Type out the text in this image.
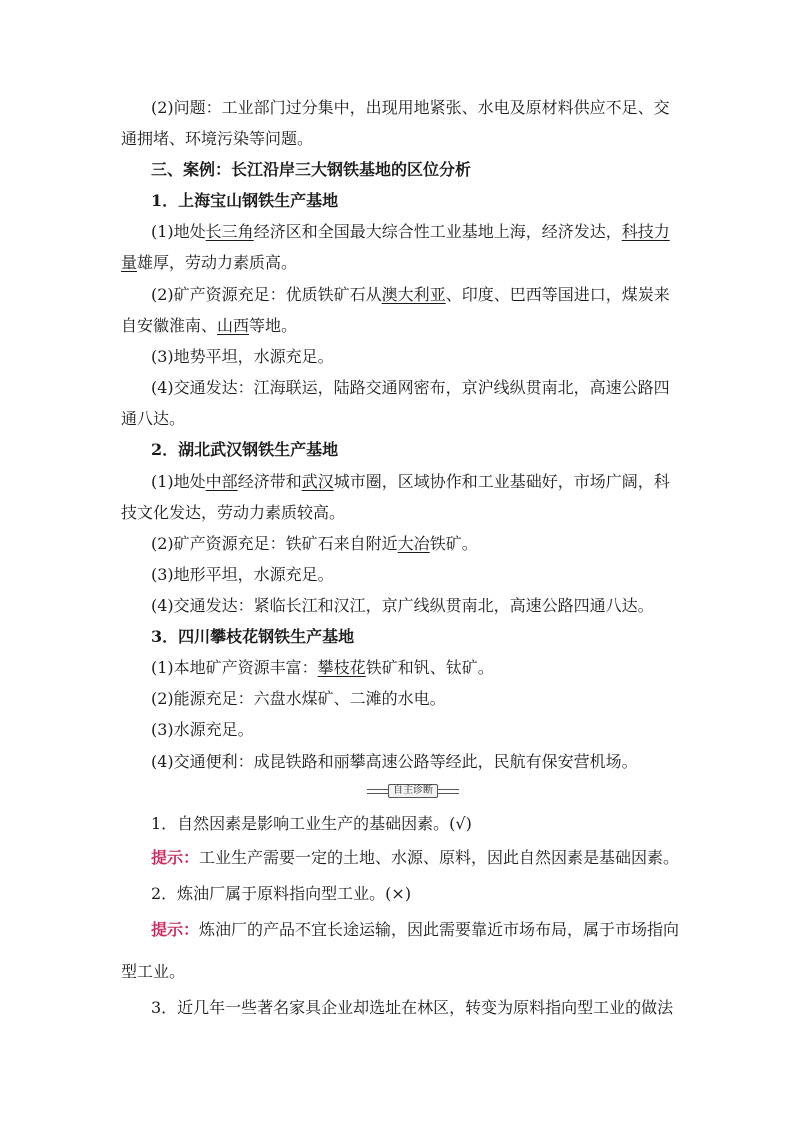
(2)问题：工业部门过分集中，出现用地紧张、水电及原材料供应不足、交
通拥堵、环境污染等问题。
三、案例：长江沿岸三大钢铁基地的区位分析
1．上海宝山钢铁生产基地
(1)地处长三角经济区和全国最大综合性工业基地上海，经济发达，科技力
量雄厚，劳动力素质高。
(2)矿产资源充足：优质铁矿石从澳大利亚、印度、巴西等国进口，煤炭来
自安徽淮南、山西等地。
(3)地势平坦，水源充足。
(4)交通发达：江海联运，陆路交通网密布，京沪线纵贯南北，高速公路四
通八达。
2．湖北武汉钢铁生产基地
(1)地处中部经济带和武汉城市圈，区域协作和工业基础好，市场广阔，科
技文化发达，劳动力素质较高。
(2)矿产资源充足：铁矿石来自附近大冶铁矿。
(3)地形平坦，水源充足。
(4)交通发达：紧临长江和汉江，京广线纵贯南北，高速公路四通八达。
3．四川攀枝花钢铁生产基地
(1)本地矿产资源丰富：攀枝花铁矿和钒、钛矿。
(2)能源充足：六盘水煤矿、二滩的水电。
(3)水源充足。
(4)交通便利：成昆铁路和丽攀高速公路等经此，民航有保安营机场。
自主诊断
1．自然因素是影响工业生产的基础因素。(√)
提示：工业生产需要一定的土地、水源、原料，因此自然因素是基础因素。
2．炼油厂属于原料指向型工业。(×)
提示：炼油厂的产品不宜长途运输，因此需要靠近市场布局，属于市场指向
型工业。
3．近几年一些著名家具企业却选址在林区，转变为原料指向型工业的做法
